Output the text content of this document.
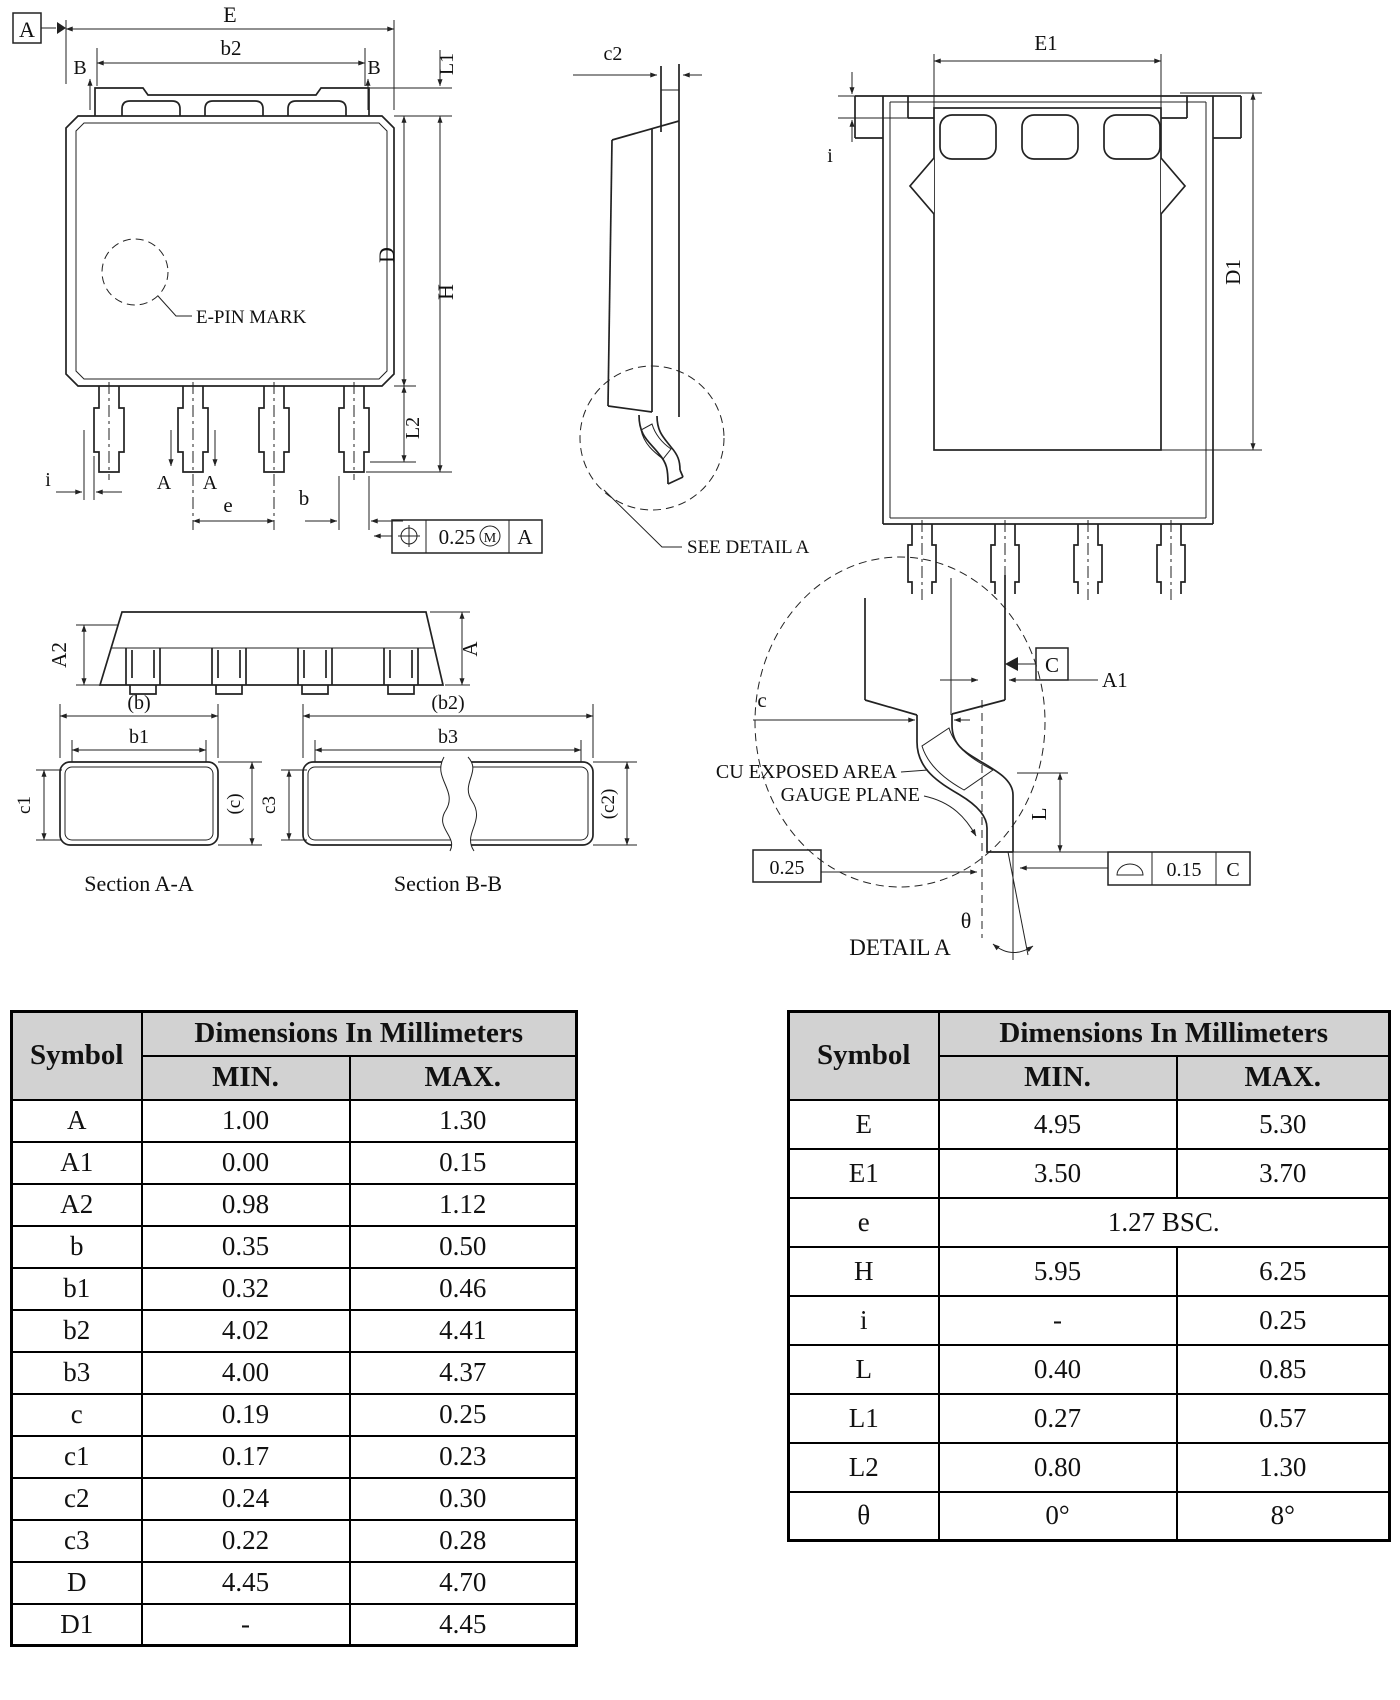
A
E
b2
B	B
E-PIN MARK
i	A A
e	b
0.25 M A
D
L2
H
L1	c2
SEE DETAIL A
E1
i
D1
A2	A
(b)
b1
c1	(c)
Section A-A
(b2)
b3
c3	(c2)
Section B-B
c
C
A1
CU EXPOSED AREA
GAUGE PLANE
0.25
L
0.15 C
θ
DETAIL A
Symbol	Dimensions In Millimeters	
	MIN.	MAX.
A	1.00	1.30
A1	0.00	0.15
A2	0.98	1.12
b	0.35	0.50
b1	0.32	0.46
b2	4.02	4.41
b3	4.00	4.37
c	0.19	0.25
c1	0.17	0.23
c2	0.24	0.30
c3	0.22	0.28
D	4.45	4.70
D1	-	4.45
Symbol	Dimensions In Millimeters	
	MIN.	MAX.
E	4.95	5.30
E1	3.50	3.70
e	1.27 BSC.	
H	5.95	6.25
i	-	0.25
L	0.40	0.85
L1	0.27	0.57
L2	0.80	1.30
θ	0°	8°
